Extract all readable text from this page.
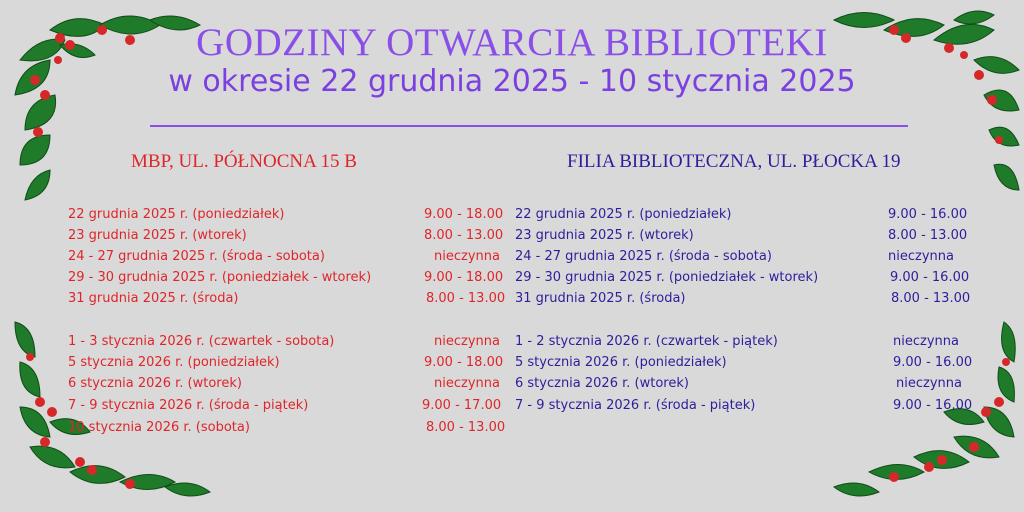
GODZINY OTWARCIA BIBLIOTEKI
w okresie 22 grudnia 2025 - 10 stycznia 2025
MBP, UL. PÓŁNOCNA 15 B	FILIA BIBLIOTECZNA, UL. PŁOCKA 19
22 grudnia 2025 r. (poniedziałek)	9.00 - 18.00
23 grudnia 2025 r. (wtorek)	8.00 - 13.00
24 - 27 grudnia 2025 r. (środa - sobota)	nieczynna
29 - 30 grudnia 2025 r. (poniedziałek - wtorek)	9.00 - 18.00
31 grudnia 2025 r. (środa)	8.00 - 13.00
1 - 3 stycznia 2026 r. (czwartek - sobota)	nieczynna
5 stycznia 2026 r. (poniedziałek)	9.00 - 18.00
6 stycznia 2026 r. (wtorek)	nieczynna
7 - 9 stycznia 2026 r. (środa - piątek)	9.00 - 17.00
10 stycznia 2026 r. (sobota)	8.00 - 13.00
22 grudnia 2025 r. (poniedziałek)	9.00 - 16.00
23 grudnia 2025 r. (wtorek)	8.00 - 13.00
24 - 27 grudnia 2025 r. (środa - sobota)	nieczynna
29 - 30 grudnia 2025 r. (poniedziałek - wtorek)	9.00 - 16.00
31 grudnia 2025 r. (środa)	8.00 - 13.00
1 - 2 stycznia 2026 r. (czwartek - piątek)	nieczynna
5 stycznia 2026 r. (poniedziałek)	9.00 - 16.00
6 stycznia 2026 r. (wtorek)	nieczynna
7 - 9 stycznia 2026 r. (środa - piątek)	9.00 - 16.00
